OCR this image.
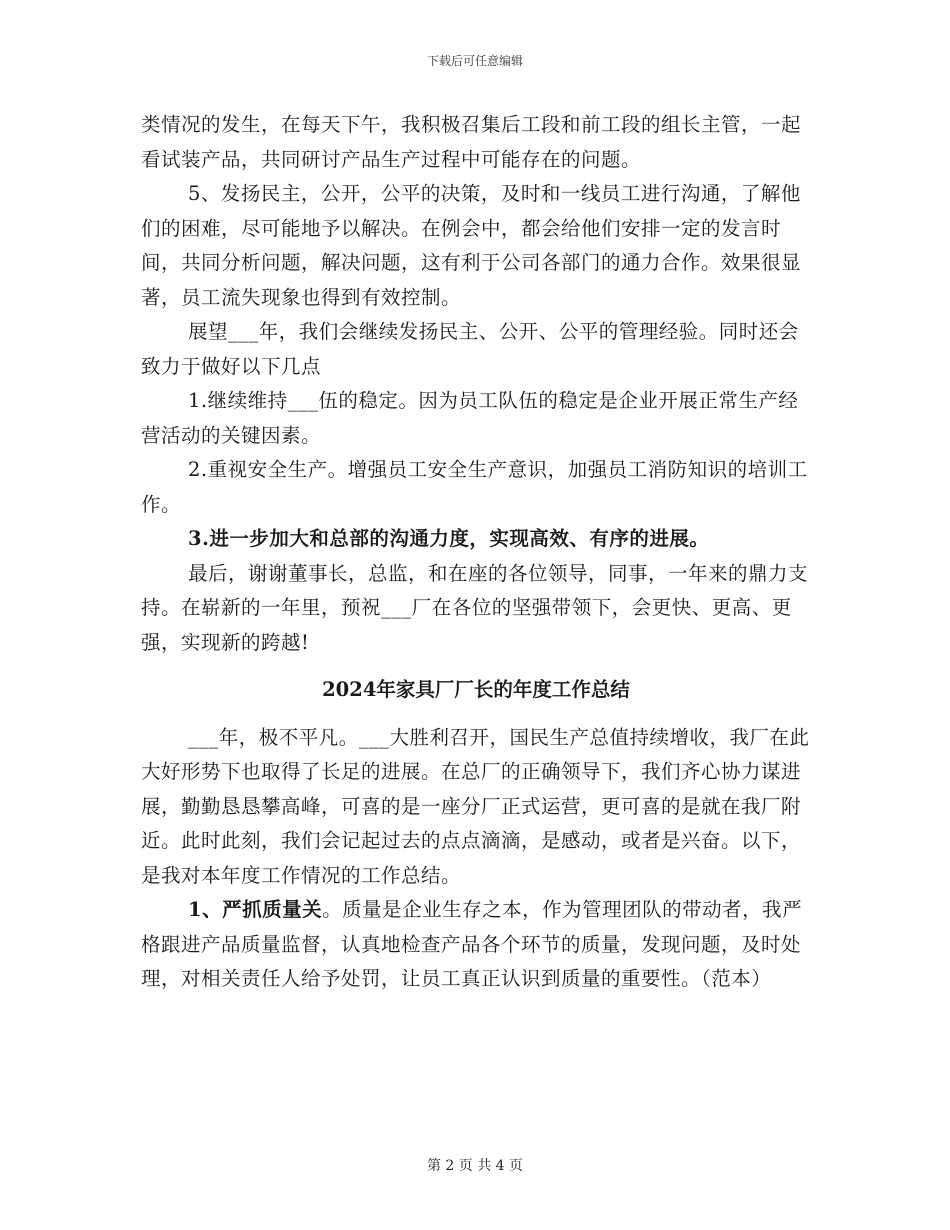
下载后可任意编辑

类情况的发生，在每天下午，我积极召集后工段和前工段的组长主管，一起看试装产品，共同研讨产品生产过程中可能存在的问题。

5、发扬民主，公开，公平的决策，及时和一线员工进行沟通，了解他们的困难，尽可能地予以解决。在例会中，都会给他们安排一定的发言时间，共同分析问题，解决问题，这有利于公司各部门的通力合作。效果很显著，员工流失现象也得到有效控制。

展望___年，我们会继续发扬民主、公开、公平的管理经验。同时还会致力于做好以下几点

1.继续维持___伍的稳定。因为员工队伍的稳定是企业开展正常生产经营活动的关键因素。

2.重视安全生产。增强员工安全生产意识，加强员工消防知识的培训工作。

3.进一步加大和总部的沟通力度，实现高效、有序的进展。

最后，谢谢董事长，总监，和在座的各位领导，同事，一年来的鼎力支持。在崭新的一年里，预祝___厂在各位的坚强带领下，会更快、更高、更强，实现新的跨越!

2024年家具厂厂长的年度工作总结

___年，极不平凡。___大胜利召开，国民生产总值持续增收，我厂在此大好形势下也取得了长足的进展。在总厂的正确领导下，我们齐心协力谋进展，勤勤恳恳攀高峰，可喜的是一座分厂正式运营，更可喜的是就在我厂附近。此时此刻，我们会记起过去的点点滴滴，是感动，或者是兴奋。以下，是我对本年度工作情况的工作总结。

1、严抓质量关。质量是企业生存之本，作为管理团队的带动者，我严格跟进产品质量监督，认真地检查产品各个环节的质量，发现问题，及时处理，对相关责任人给予处罚，让员工真正认识到质量的重要性。（范本）

第 2 页 共 4 页
